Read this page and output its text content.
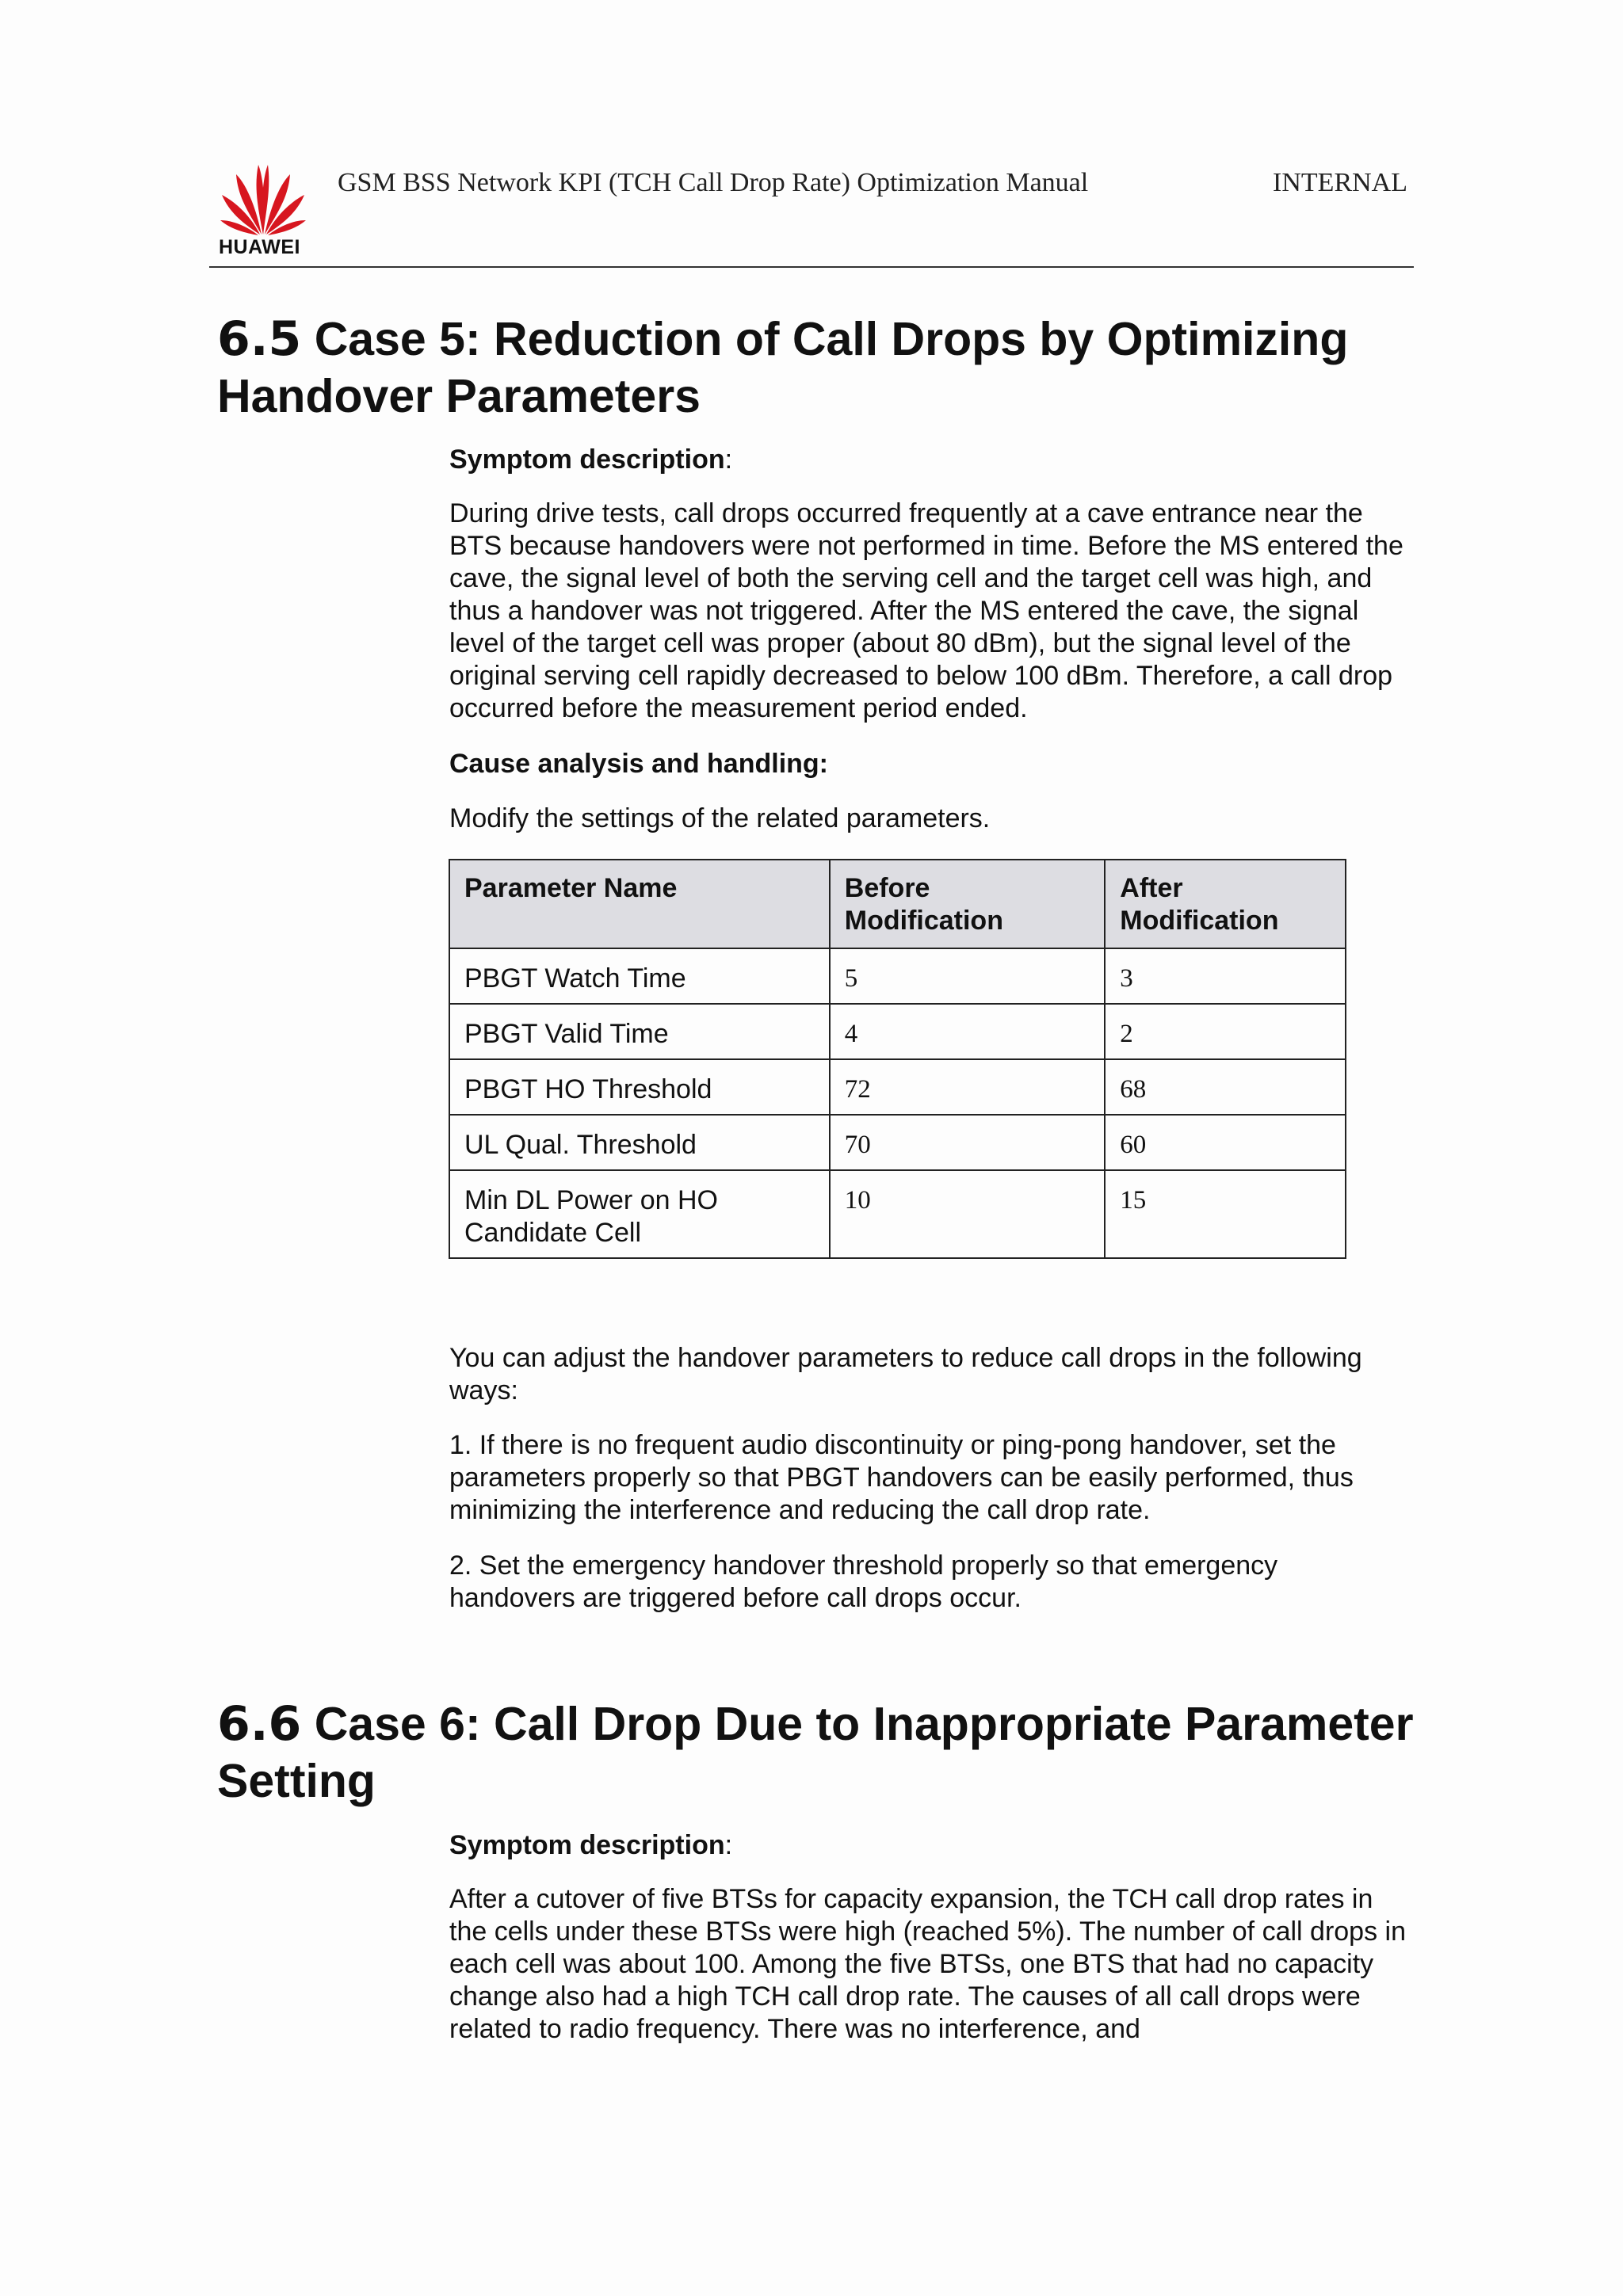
HUAWEI
GSM BSS Network KPI (TCH Call Drop Rate) Optimization Manual	INTERNAL
6.5 Case 5: Reduction of Call Drops by Optimizing Handover Parameters
Symptom description:

During drive tests, call drops occurred frequently at a cave entrance near the BTS because handovers were not performed in time. Before the MS entered the cave, the signal level of both the serving cell and the target cell was high, and thus a handover was not triggered. After the MS entered the cave, the signal level of the target cell was proper (about 80 dBm), but the signal level of the original serving cell rapidly decreased to below 100 dBm. Therefore, a call drop occurred before the measurement period ended.

Cause analysis and handling:

Modify the settings of the related parameters.

Parameter Name	Before Modification	After Modification
PBGT Watch Time	5	3
PBGT Valid Time	4	2
PBGT HO Threshold	72	68
UL Qual. Threshold	70	60
Min DL Power on HO Candidate Cell	10	15

You can adjust the handover parameters to reduce call drops in the following ways:

1. If there is no frequent audio discontinuity or ping-pong handover, set the parameters properly so that PBGT handovers can be easily performed, thus minimizing the interference and reducing the call drop rate.

2. Set the emergency handover threshold properly so that emergency handovers are triggered before call drops occur.

6.6 Case 6: Call Drop Due to Inappropriate Parameter Setting
Symptom description:

After a cutover of five BTSs for capacity expansion, the TCH call drop rates in the cells under these BTSs were high (reached 5%). The number of call drops in each cell was about 100. Among the five BTSs, one BTS that had no capacity change also had a high TCH call drop rate. The causes of all call drops were related to radio frequency. There was no interference, and
